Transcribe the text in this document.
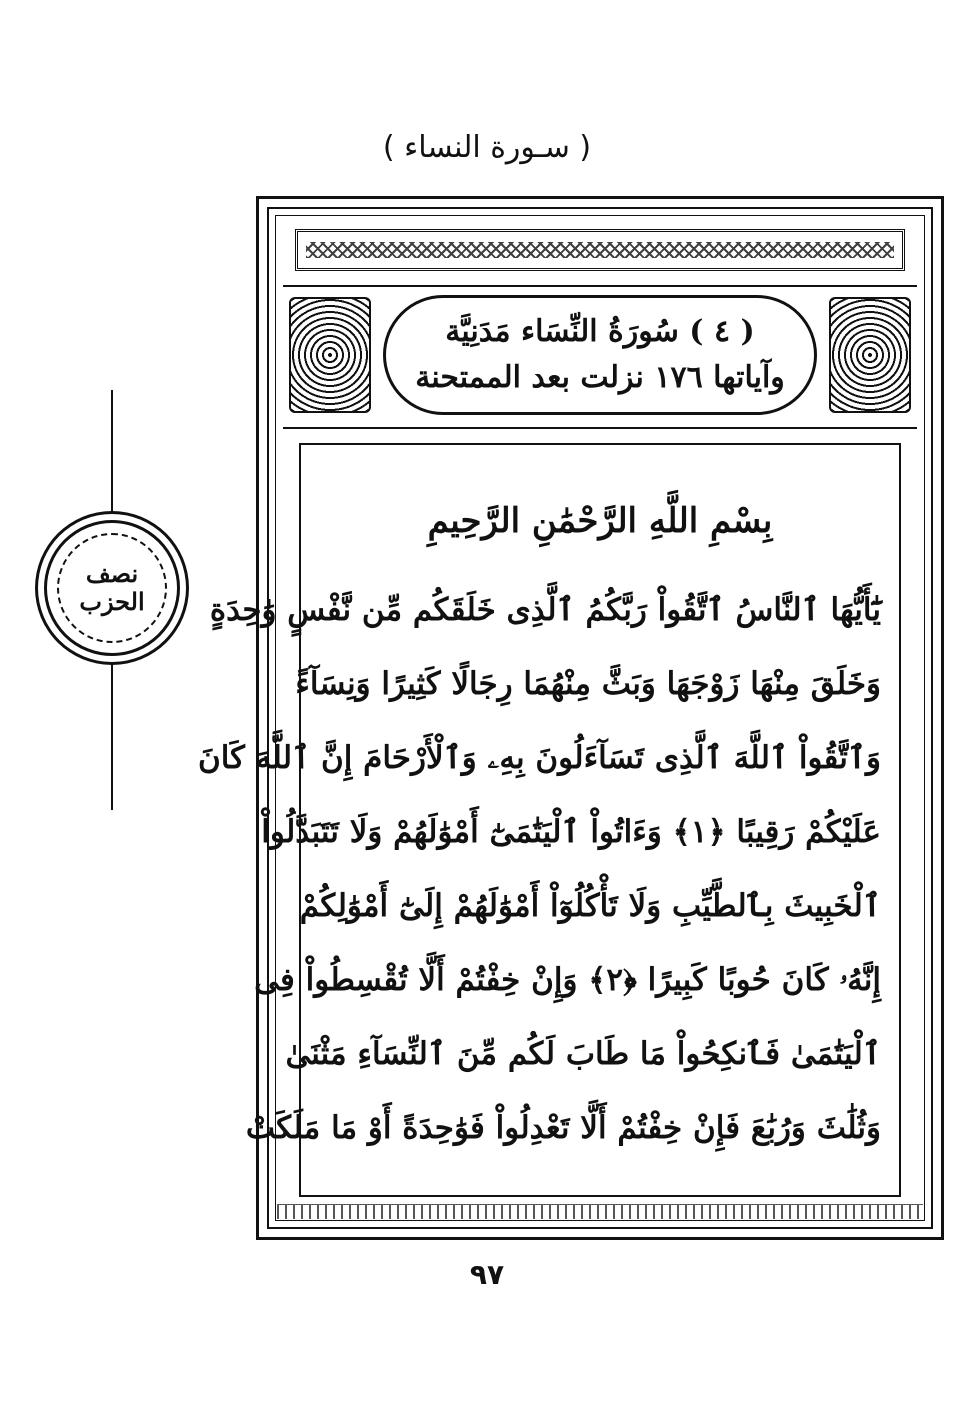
( سـورة النساء )
نصف
الحزب
( ٤ ) سُورَةُ النِّسَاء مَدَنِيَّة
وآياتها ١٧٦ نزلت بعد الممتحنة
بِسْمِ اللَّهِ الرَّحْمَٰنِ الرَّحِيمِ
يَٰٓأَيُّهَا ٱلنَّاسُ ٱتَّقُواْ رَبَّكُمُ ٱلَّذِى خَلَقَكُم مِّن نَّفْسٍ وَٰحِدَةٍ
وَخَلَقَ مِنْهَا زَوْجَهَا وَبَثَّ مِنْهُمَا رِجَالًا كَثِيرًا وَنِسَآءً
وَٱتَّقُواْ ٱللَّهَ ٱلَّذِى تَسَآءَلُونَ بِهِۦ وَٱلْأَرْحَامَ إِنَّ ٱللَّهَ كَانَ
عَلَيْكُمْ رَقِيبًا ﴿١﴾ وَءَاتُواْ ٱلْيَتَٰمَىٰٓ أَمْوَٰلَهُمْ وَلَا تَتَبَدَّلُواْ
ٱلْخَبِيثَ بِٱلطَّيِّبِ وَلَا تَأْكُلُوٓاْ أَمْوَٰلَهُمْ إِلَىٰٓ أَمْوَٰلِكُمْ
إِنَّهُۥ كَانَ حُوبًا كَبِيرًا ﴿٢﴾ وَإِنْ خِفْتُمْ أَلَّا تُقْسِطُواْ فِى
ٱلْيَتَٰمَىٰ فَٱنكِحُواْ مَا طَابَ لَكُم مِّنَ ٱلنِّسَآءِ مَثْنَىٰ
وَثُلَٰثَ وَرُبَٰعَ فَإِنْ خِفْتُمْ أَلَّا تَعْدِلُواْ فَوَٰحِدَةً أَوْ مَا مَلَكَتْ
٩٧
